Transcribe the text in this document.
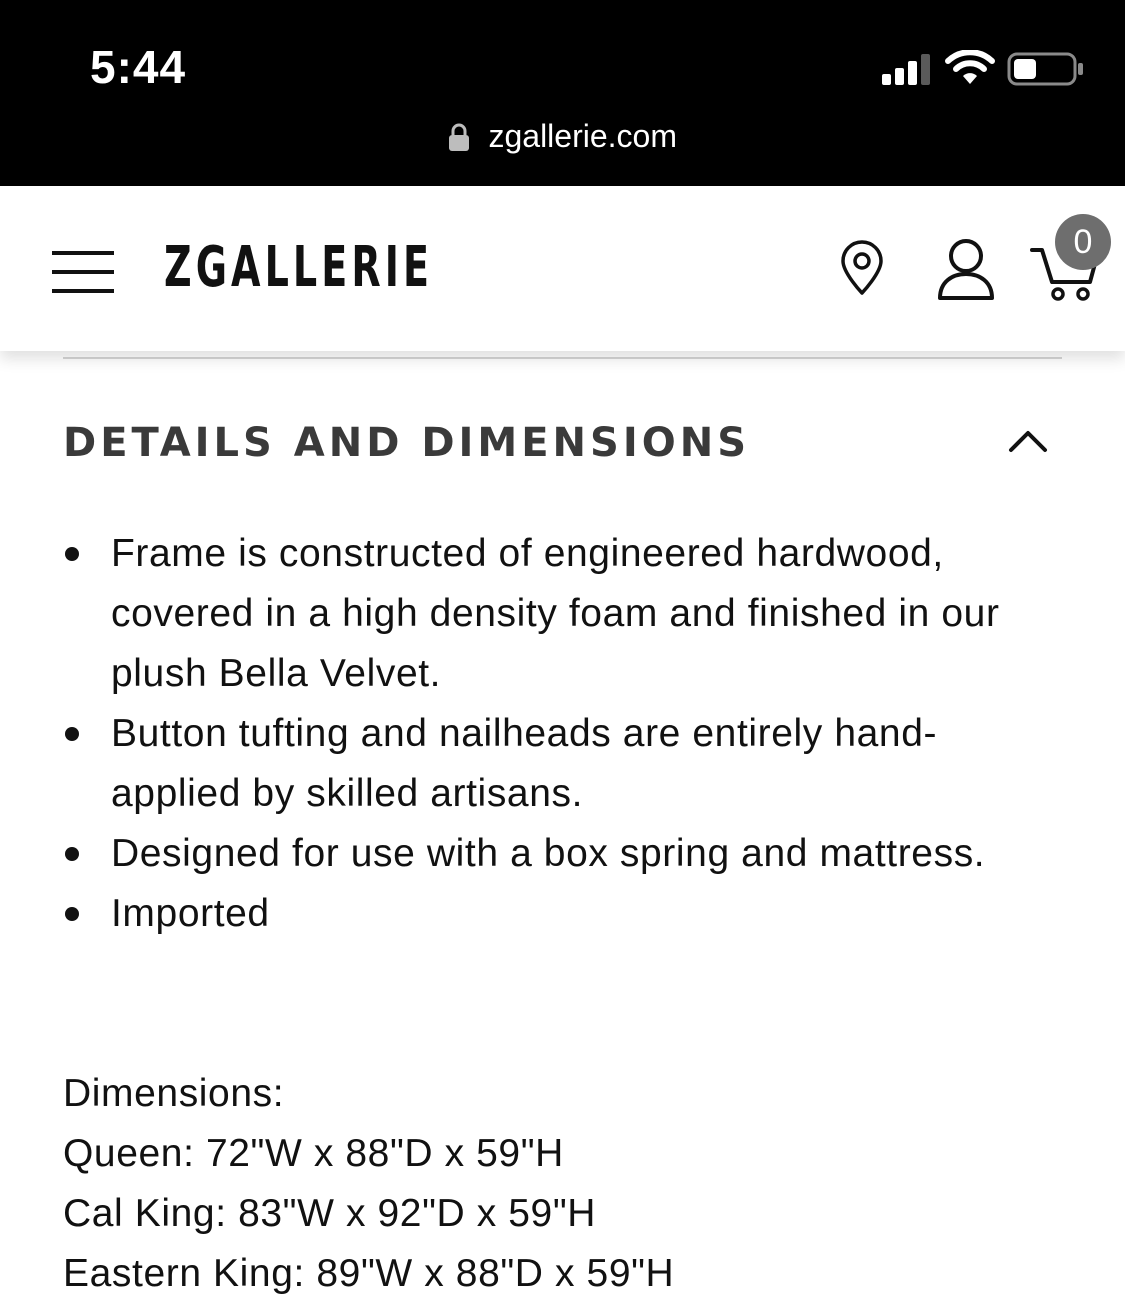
5:44
zgallerie.com
ZGALLERIE	0
DETAILS AND DIMENSIONS
Frame is constructed of engineered hardwood, covered in a high density foam and finished in our plush Bella Velvet.
Button tufting and nailheads are entirely hand-applied by skilled artisans.
Designed for use with a box spring and mattress.
Imported
Dimensions:
Queen: 72"W x 88"D x 59"H
Cal King: 83"W x 92"D x 59"H
Eastern King: 89"W x 88"D x 59"H
